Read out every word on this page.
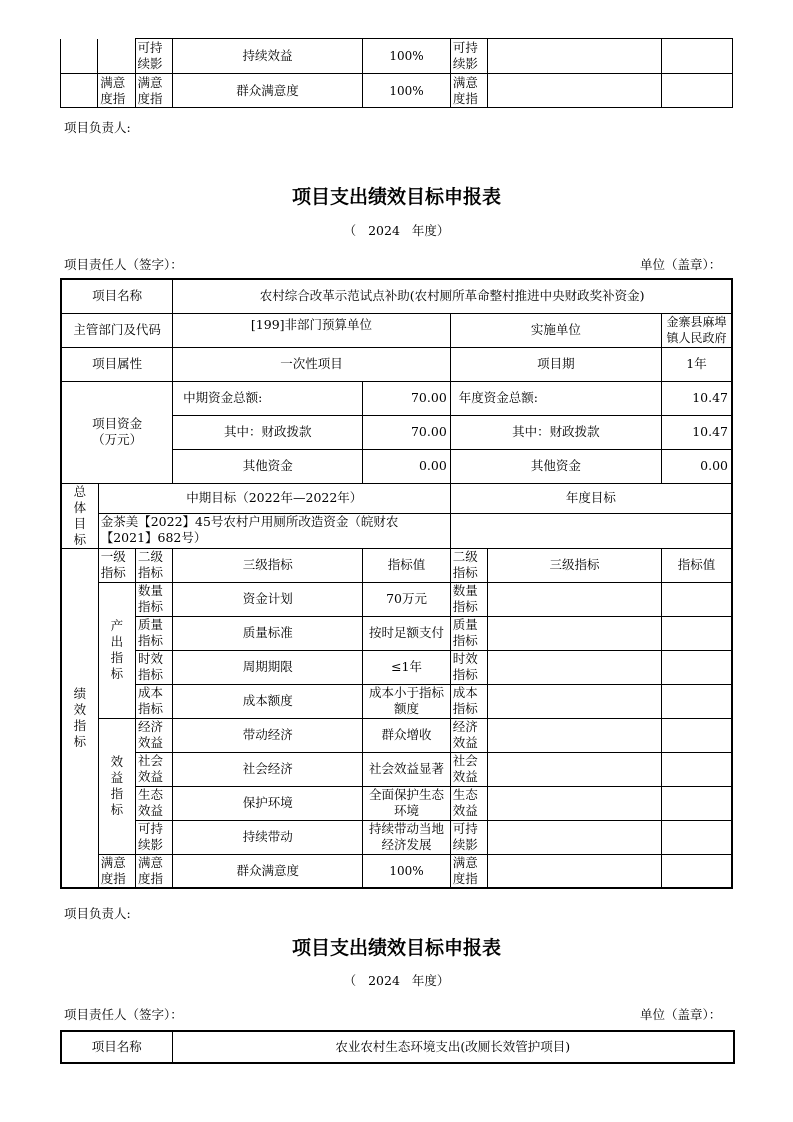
		可持续影	持续效益	100%	可持续影		
	满意度指	满意度指	群众满意度	100%	满意度指		
项目负责人:
项目支出绩效目标申报表
（   2024   年度）
项目责任人（签字）：	单位（盖章）：
项目名称			农村综合改革示范试点补助(农村厕所革命整村推进中央财政奖补资金)				
主管部门及代码			[199]非部门预算单位		实施单位		金寨县麻埠镇人民政府
项目属性			一次性项目		项目期		1年
项目资金（万元）			中期资金总额:	70.00	年度资金总额:		10.47
			其中：财政拨款	70.00	其中：财政拨款		10.47
			其他资金	0.00	其他资金		0.00
总体目标	中期目标（2022年—2022年）				年度目标		
	金茶美【2022】45号农村户用厕所改造资金（皖财农【2021】682号）						
绩效指标	一级指标	二级指标	三级指标	指标值	二级指标	三级指标	指标值
	产出指标	数量指标	资金计划	70万元	数量指标		
		质量指标	质量标准	按时足额支付	质量指标		
		时效指标	周期期限	≤1年	时效指标		
		成本指标	成本额度	成本小于指标额度	成本指标		
	效益指标	经济效益	带动经济	群众增收	经济效益		
		社会效益	社会经济	社会效益显著	社会效益		
		生态效益	保护环境	全面保护生态环境	生态效益		
		可持续影	持续带动	持续带动当地经济发展	可持续影		
	满意度指	满意度指	群众满意度	100%	满意度指		
项目负责人:
项目支出绩效目标申报表
（   2024   年度）
项目责任人（签字）：	单位（盖章）：
项目名称	农业农村生态环境支出(改厕长效管护项目)
